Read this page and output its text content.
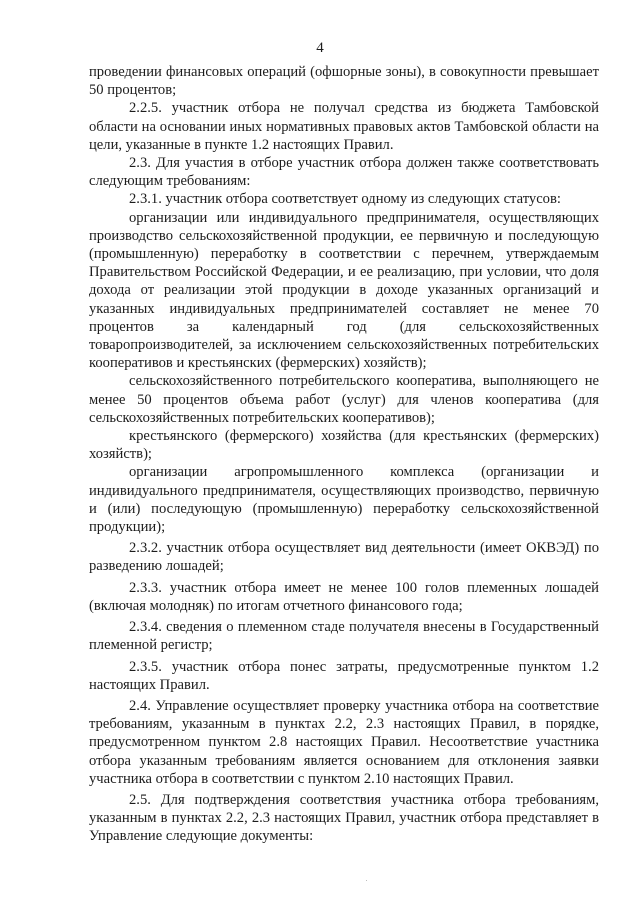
4

проведении финансовых операций (офшорные зоны), в совокупности превышает 50 процентов;

2.2.5. участник отбора не получал средства из бюджета Тамбовской области на основании иных нормативных правовых актов Тамбовской области на цели, указанные в пункте 1.2 настоящих Правил.

2.3. Для участия в отборе участник отбора должен также соответствовать следующим требованиям:

2.3.1. участник отбора соответствует одному из следующих статусов:

организации или индивидуального предпринимателя, осуществляющих производство сельскохозяйственной продукции, ее первичную и последующую (промышленную) переработку в соответствии с перечнем, утверждаемым Правительством Российской Федерации, и ее реализацию, при условии, что доля дохода от реализации этой продукции в доходе указанных организаций и указанных индивидуальных предпринимателей составляет не менее 70 процентов за календарный год (для сельскохозяйственных товаропроизводителей, за исключением сельскохозяйственных потребительских кооперативов и крестьянских (фермерских) хозяйств);

сельскохозяйственного потребительского кооператива, выполняющего не менее 50 процентов объема работ (услуг) для членов кооператива (для сельскохозяйственных потребительских кооперативов);

крестьянского (фермерского) хозяйства (для крестьянских (фермерских) хозяйств);

организации агропромышленного комплекса (организации и индивидуального предпринимателя, осуществляющих производство, первичную и (или) последующую (промышленную) переработку сельскохозяйственной продукции);

2.3.2. участник отбора осуществляет вид деятельности (имеет ОКВЭД) по разведению лошадей;

2.3.3. участник отбора имеет не менее 100 голов племенных лошадей (включая молодняк) по итогам отчетного финансового года;

2.3.4. сведения о племенном стаде получателя внесены в Государственный племенной регистр;

2.3.5. участник отбора понес затраты, предусмотренные пунктом 1.2 настоящих Правил.

2.4. Управление осуществляет проверку участника отбора на соответствие требованиям, указанным в пунктах 2.2, 2.3 настоящих Правил, в порядке, предусмотренном пунктом 2.8 настоящих Правил. Несоответствие участника отбора указанным требованиям является основанием для отклонения заявки участника отбора в соответствии с пунктом 2.10 настоящих Правил.

2.5. Для подтверждения соответствия участника отбора требованиям, указанным в пунктах 2.2, 2.3 настоящих Правил, участник отбора представляет в Управление следующие документы:
